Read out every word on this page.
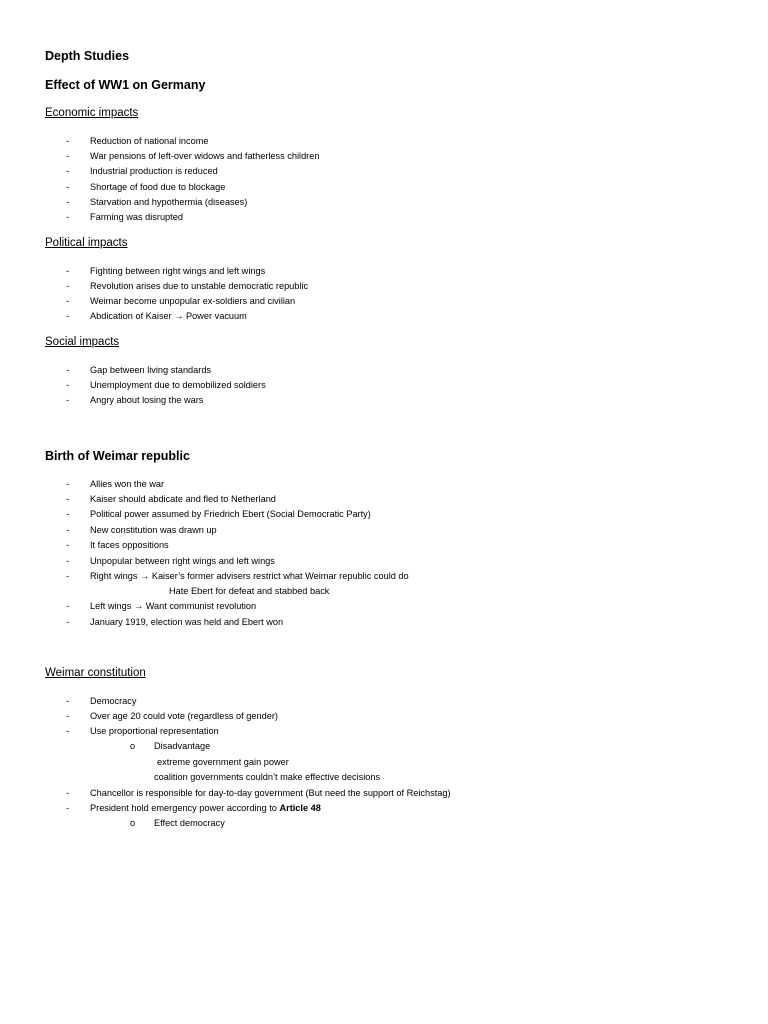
Depth Studies
Effect of WW1 on Germany
Economic impacts
- Reduction of national income
- War pensions of left-over widows and fatherless children
- Industrial production is reduced
- Shortage of food due to blockage
- Starvation and hypothermia (diseases)
- Farming was disrupted
Political impacts
- Fighting between right wings and left wings
- Revolution arises due to unstable democratic republic
- Weimar become unpopular ex-soldiers and civilian
- Abdication of Kaiser → Power vacuum
Social impacts
- Gap between living standards
- Unemployment due to demobilized soldiers
- Angry about losing the wars
Birth of Weimar republic
- Allies won the war
- Kaiser should abdicate and fled to Netherland
- Political power assumed by Friedrich Ebert (Social Democratic Party)
- New constitution was drawn up
- It faces oppositions
- Unpopular between right wings and left wings
- Right wings → Kaiser’s former advisers restrict what Weimar republic could do
Hate Ebert for defeat and stabbed back
- Left wings → Want communist revolution
- January 1919, election was held and Ebert won
Weimar constitution
- Democracy
- Over age 20 could vote (regardless of gender)
- Use proportional representation
o Disadvantage
extreme government gain power
coalition governments couldn’t make effective decisions
- Chancellor is responsible for day-to-day government (But need the support of Reichstag)
- President hold emergency power according to Article 48
o Effect democracy
